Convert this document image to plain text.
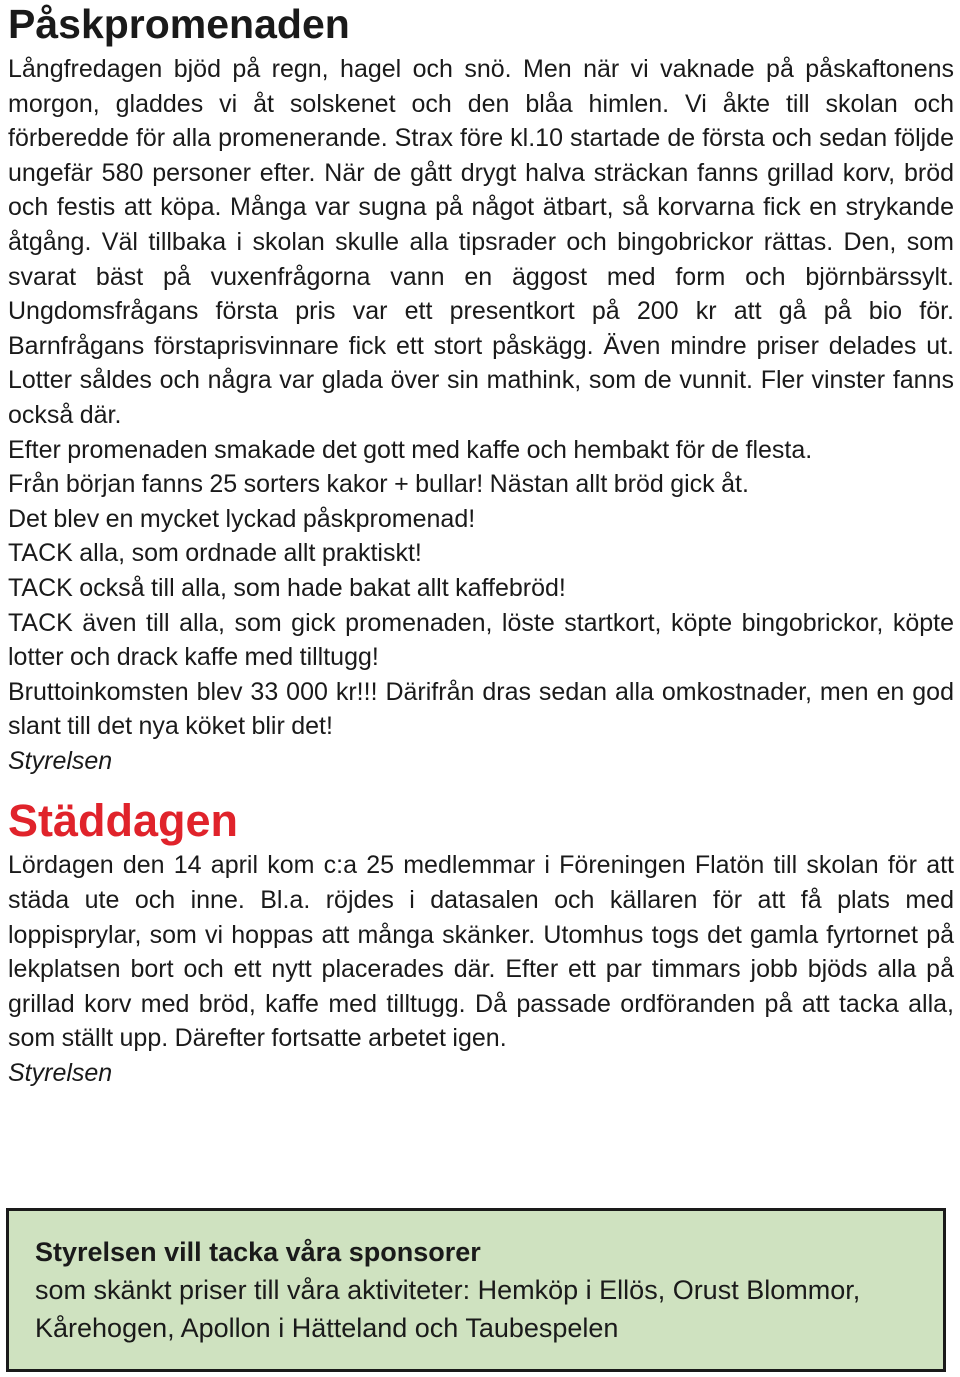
Påskpromenaden

Långfredagen bjöd på regn, hagel och snö. Men när vi vaknade på påskaftonens morgon, gladdes vi åt solskenet och den blåa himlen. Vi åkte till skolan och förberedde för alla promenerande. Strax före kl.10 startade de första och sedan följde ungefär 580 personer efter. När de gått drygt halva sträckan fanns grillad korv, bröd och festis att köpa. Många var sugna på något ätbart, så korvarna fick en strykande åtgång. Väl tillbaka i skolan skulle alla tipsrader och bingobrickor rättas. Den, som svarat bäst på vuxenfrågorna vann en äggost med form och björnbärssylt. Ungdomsfrågans första pris var ett presentkort på 200 kr att gå på bio för. Barnfrågans förstaprisvinnare fick ett stort påskägg. Även mindre priser delades ut. Lotter såldes och några var glada över sin mathink, som de vunnit. Fler vinster fanns också där.

Efter promenaden smakade det gott med kaffe och hembakt för de flesta.

Från början fanns 25 sorters kakor + bullar! Nästan allt bröd gick åt.

Det blev en mycket lyckad påskpromenad!

TACK alla, som ordnade allt praktiskt!

TACK också till alla, som hade bakat allt kaffebröd!

TACK även till alla, som gick promenaden, löste startkort, köpte bingobrickor, köpte lotter och drack kaffe med tilltugg!

Bruttoinkomsten blev 33 000 kr!!! Därifrån dras sedan alla omkostnader, men en god slant till det nya köket blir det!

Styrelsen

Städdagen

Lördagen den 14 april kom c:a 25 medlemmar i Föreningen Flatön till skolan för att städa ute och inne. Bl.a. röjdes i datasalen och källaren för att få plats med loppisprylar, som vi hoppas att många skänker. Utomhus togs det gamla fyrtornet på lekplatsen bort och ett nytt placerades där. Efter ett par timmars jobb bjöds alla på grillad korv med bröd, kaffe med tilltugg. Då passade ordföranden på att tacka alla, som ställt upp. Därefter fortsatte arbetet igen.

Styrelsen

Styrelsen vill tacka våra sponsorer

som skänkt priser till våra aktiviteter: Hemköp i Ellös, Orust Blommor, Kårehogen, Apollon i Hätteland och Taubespelen
